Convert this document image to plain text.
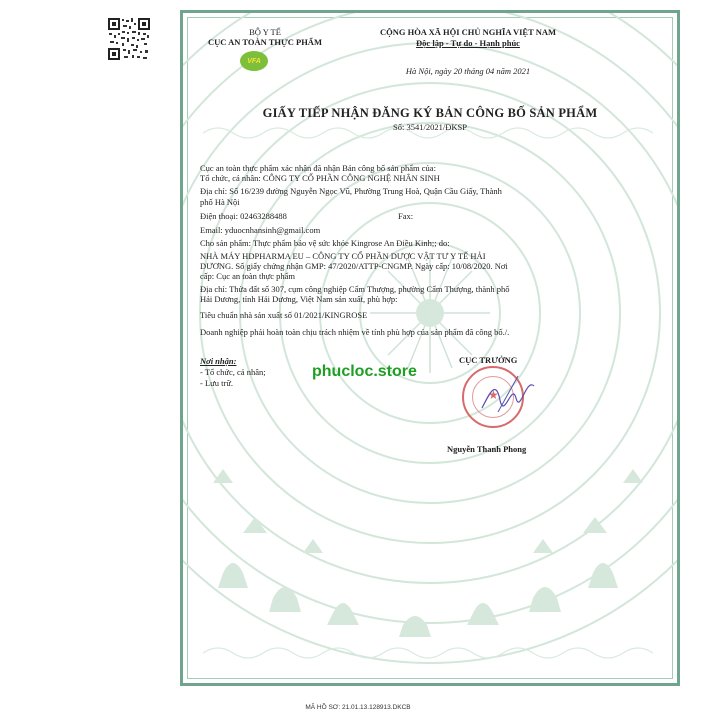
BỘ Y TẾ
CỤC AN TOÀN THỰC PHẨM
VFA
CỘNG HÒA XÃ HỘI CHỦ NGHĨA VIỆT NAM
Độc lập - Tự do - Hạnh phúc
Hà Nội, ngày 20 tháng 04 năm 2021
GIẤY TIẾP NHẬN ĐĂNG KÝ BẢN CÔNG BỐ SẢN PHẨM
Số: 3541/2021/ĐKSP
Cục an toàn thực phẩm xác nhận đã nhận Bản công bố sản phẩm của:
Tổ chức, cá nhân: CÔNG TY CỔ PHẦN CÔNG NGHỆ NHÂN SINH
Địa chỉ: Số 16/239 đường Nguyễn Ngọc Vũ, Phường Trung Hoà, Quận Cầu Giấy, Thành
phố Hà Nội
Điện thoại: 02463288488	Fax:
Email: yduocnhansinh@gmail.com
Cho sản phẩm: Thực phẩm bảo vệ sức khỏe Kingrose An Điều Kinh;; do:
NHÀ MÁY HDPHARMA EU – CÔNG TY CỔ PHẦN DƯỢC VẬT TƯ Y TẾ HẢI
DƯƠNG. Số giấy chứng nhận GMP: 47/2020/ATTP-CNGMP. Ngày cấp: 10/08/2020. Nơi
cấp: Cục an toàn thực phẩm
Địa chỉ: Thửa đất số 307, cụm công nghiệp Cẩm Thượng, phường Cẩm Thượng, thành phố
Hải Dương, tỉnh Hải Dương, Việt Nam sản xuất, phù hợp:
Tiêu chuẩn nhà sản xuất số 01/2021/KINGROSE
Doanh nghiệp phải hoàn toàn chịu trách nhiệm về tính phù hợp của sản phẩm đã công bố./.
Nơi nhận:
- Tổ chức, cá nhân;
- Lưu trữ.
CỤC TRƯỞNG
Nguyễn Thanh Phong
★
phucloc.store
MÃ HỒ SƠ: 21.01.13.128913.DKCB
